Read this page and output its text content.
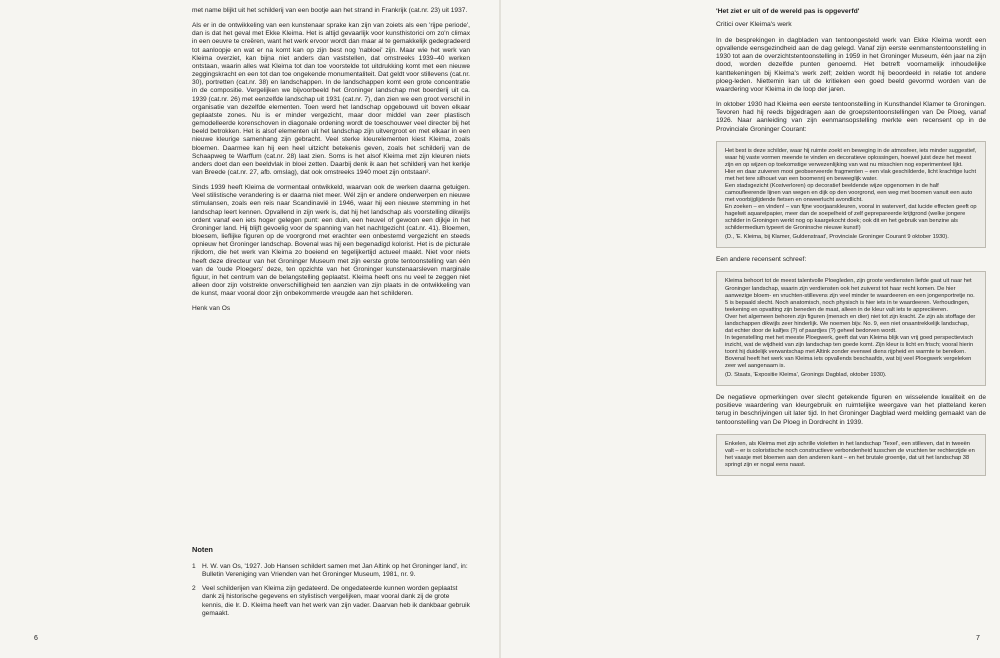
met name blijkt uit het schilderij van een bootje aan het strand in Frankrijk (cat.nr. 23) uit 1937.

Als er in de ontwikkeling van een kunstenaar sprake kan zijn van zoiets als een 'rijpe periode', dan is dat het geval met Ekke Kleima. Het is altijd gevaarlijk voor kunsthistorici om zo'n climax in een oeuvre te creëren, want het werk ervoor wordt dan maar al te gemakkelijk gedegradeerd tot aanloopje en wat er na komt kan op zijn best nog 'nabloei' zijn. Maar wie het werk van Kleima overziet, kan bijna niet anders dan vaststellen, dat omstreeks 1939–40 werken ontstaan, waarin alles wat Kleima tot dan toe voorstelde tot uitdrukking komt met een nieuwe zeggingskracht en een tot dan toe ongekende monumentaliteit. Dat geldt voor stillevens (cat.nr. 30), portretten (cat.nr. 38) en landschappen. In de landschappen komt een grote concentratie in de compositie. Vergelijken we bijvoorbeeld het Groninger landschap met boerderij uit ca. 1939 (cat.nr. 26) met eenzelfde landschap uit 1931 (cat.nr. 7), dan zien we een groot verschil in organisatie van dezelfde elementen. Toen werd het landschap opgebouwd uit boven elkaar geplaatste zones. Nu is er minder vergezicht, maar door middel van zeer plastisch gemodelleerde korenschoven in diagonale ordening wordt de toeschouwer veel directer bij het beeld betrokken. Het is alsof elementen uit het landschap zijn uitvergroot en met elkaar in een nieuwe kleurige samenhang zijn gebracht. Veel sterke kleurelementen kiest Kleima, zoals bloemen. Daarmee kan hij een heel uitzicht betekenis geven, zoals het schilderij van de Schaapweg te Warffum (cat.nr. 28) laat zien. Soms is het alsof Kleima met zijn kleuren niets anders doet dan een beeldvlak in bloei zetten. Daarbij denk ik aan het schilderij van het kerkje van Breede (cat.nr. 27, afb. omslag), dat ook omstreeks 1940 moet zijn ontstaan².

Sinds 1939 heeft Kleima de vormentaal ontwikkeld, waarvan ook de werken daarna getuigen. Veel stilistische verandering is er daarna niet meer. Wél zijn er andere onderwerpen en nieuwe stimulansen, zoals een reis naar Scandinavië in 1946, waar hij een nieuwe stemming in het landschap leert kennen. Opvallend in zijn werk is, dat hij het landschap als voorstelling dikwijls ordent vanaf een iets hoger gelegen punt: een duin, een heuvel of gewoon een dijkje in het Groninger land. Hij blijft gevoelig voor de spanning van het nachtgezicht (cat.nr. 41). Bloemen, bloesem, lieflijke figuren op de voorgrond met erachter een onbestemd vergezicht en steeds opnieuw het Groninger landschap. Bovenal was hij een begenadigd kolorist. Het is de picturale rijkdom, die het werk van Kleima zo boeiend en tegelijkertijd actueel maakt. Niet voor niets heeft deze directeur van het Groninger Museum met zijn eerste grote tentoonstelling van één van de 'oude Ploegers' deze, ten opzichte van het Groninger kunstenaarsleven marginale figuur, in het centrum van de belangstelling geplaatst. Kleima heeft ons nu veel te zeggen niet alleen door zijn volstrekte onverschilligheid ten aanzien van zijn plaats in de ontwikkeling van de kunst, maar vooral door zijn onbekommerde vreugde aan het schilderen.

Henk van Os

Noten
1 H. W. van Os, '1927. Job Hansen schildert samen met Jan Altink op het Groninger land', in: Bulletin Vereniging van Vrienden van het Groninger Museum, 1981, nr. 9.

2 Veel schilderijen van Kleima zijn gedateerd. De ongedateerde kunnen worden geplaatst dank zij historische gegevens en stylistisch vergelijken, maar vooral dank zij de grote kennis, die Ir. D. Kleima heeft van het werk van zijn vader. Daarvan heb ik dankbaar gebruik gemaakt.

6
'Het ziet er uit of de wereld pas is opgeverfd'
Critici over Kleima's werk

In de besprekingen in dagbladen van tentoongesteld werk van Ekke Kleima wordt een opvallende eensgezindheid aan de dag gelegd. Vanaf zijn eerste eenmanstentoonstelling in 1930 tot aan de overzichtstentoonstelling in 1959 in het Groninger Museum, één jaar na zijn dood, worden dezelfde punten genoemd. Het betreft voornamelijk inhoudelijke kanttekeningen bij Kleima's werk zelf; zelden wordt hij beoordeeld in relatie tot andere ploeg-leden. Niettemin kan uit de kritieken een goed beeld gevormd worden van de waardering voor Kleima in de loop der jaren.

In oktober 1930 had Kleima een eerste tentoonstelling in Kunsthandel Klamer te Groningen. Tevoren had hij reeds bijgedragen aan de groepstentoonstellingen van De Ploeg, vanaf 1926. Naar aanleiding van zijn eenmansopstelling merkte een recensent op in de Provinciale Groninger Courant:

Het best is deze schilder, waar hij ruimte zoekt en beweging in de atmosfeer, iets minder suggestief, waar hij vaste vormen meende te vinden en decoratieve oplossingen, hoewel juist deze het meest zijn en op wijzen op toekomstige verwezenlijking van wat nu misschien nog experimenteel lijkt.

Hier en daar zuiveren mooi geobserveerde fragmenten – een vlak geschilderde, licht krachtige lucht met het tere silhouet van een boomenrij en beweeglijk water.

Een stadsgezicht (Kostverloren) op decoratief beeldende wijze opgenomen in de half camoufleerende lijnen van wegen en dijk op den voorgrond, een weg met boomen vanuit een auto met voorbijglijdende fietsen en onweerlucht avondlicht.

En zoeken – en vinden! – van fijne voorjaarskleuren, vooral in waterverf, dat lucide effecten geeft op hagelwit aquarelpapier, meer dan de soepelheid of zelf geprepareerde krijtgrond (welke jongere schilder in Groningen werkt nog op kaargekocht doek; ook dit en het gebruik van benzine als schildermedium typeert de Groninsche nieuwe kunst!)

(D., 'E. Kleima, bij Klamer, Guldenstraat', Provinciale Groninger Courant 9 oktober 1930).

Een andere recensent schreef:

Kleima behoort tot de meest talentvolle Ploegleden, zijn groote verdiensten liefde gaat uit naar het Groninger landschap, waarin zijn verdiensten ook het zuiverst tot haar recht komen. De hier aanwezige bloem- en vruchten-stillevens zijn veel minder te waardeeren en een jongenportretje no. 5 is bepaald slecht. Noch anatomisch, noch physisch is hier iets in te waardeeren. Verhoudingen, teekening en opvatting zijn beneden de maat, alleen in de kleur valt iets te appreciëeren.

Over het algemeen behoren zijn figuren (mensch en dier) niet tot zijn kracht. Ze zijn als stoffage der landschappen dikwijls zeer hinderlijk. We noemen bijv. No. 9, een niet onaantrekkelijk landschap, dat echter door de kalfjes (?) of paardjes (?) geheel bedorven wordt.

In tegenstelling met het meeste Ploegwerk, geeft dat van Kleima blijk van vrij goed perspectievisch inzicht, wat de wijdheid van zijn landschap ten goede komt. Zijn kleur is licht en frisch; vooral hierin toont hij duidelijk verwantschap met Altink zonder evenwel diens rijpheid en warmte te bereiken.

Bovenal heeft het werk van Kleima iets opvallends beschaafds, wat bij veel Ploegwerk vergeleken zeer wel aangenaam is.

(D. Staats, 'Expositie Kleima', Gronings Dagblad, oktober 1930).

De negatieve opmerkingen over slecht getekende figuren en wisselende kwaliteit en de positieve waardering van kleurgebruik en ruimtelijke weergave van het platteland keren terug in beschrijvingen uit later tijd. In het Groninger Dagblad werd melding gemaakt van de tentoonstelling van De Ploeg in Dordrecht in 1939.

Enkelen, als Kleima met zijn schrille violetten in het landschap 'Texel', een stilleven, dat in tweeën valt – er is coloristische noch constructieve verbondenheid tusschen de vruchten ter rechterzijde en het vaasje met bloemen aan den anderen kant – en het brutale groentje, dat uit het landschap 38 springt zijn er nogal eens naast.

7
